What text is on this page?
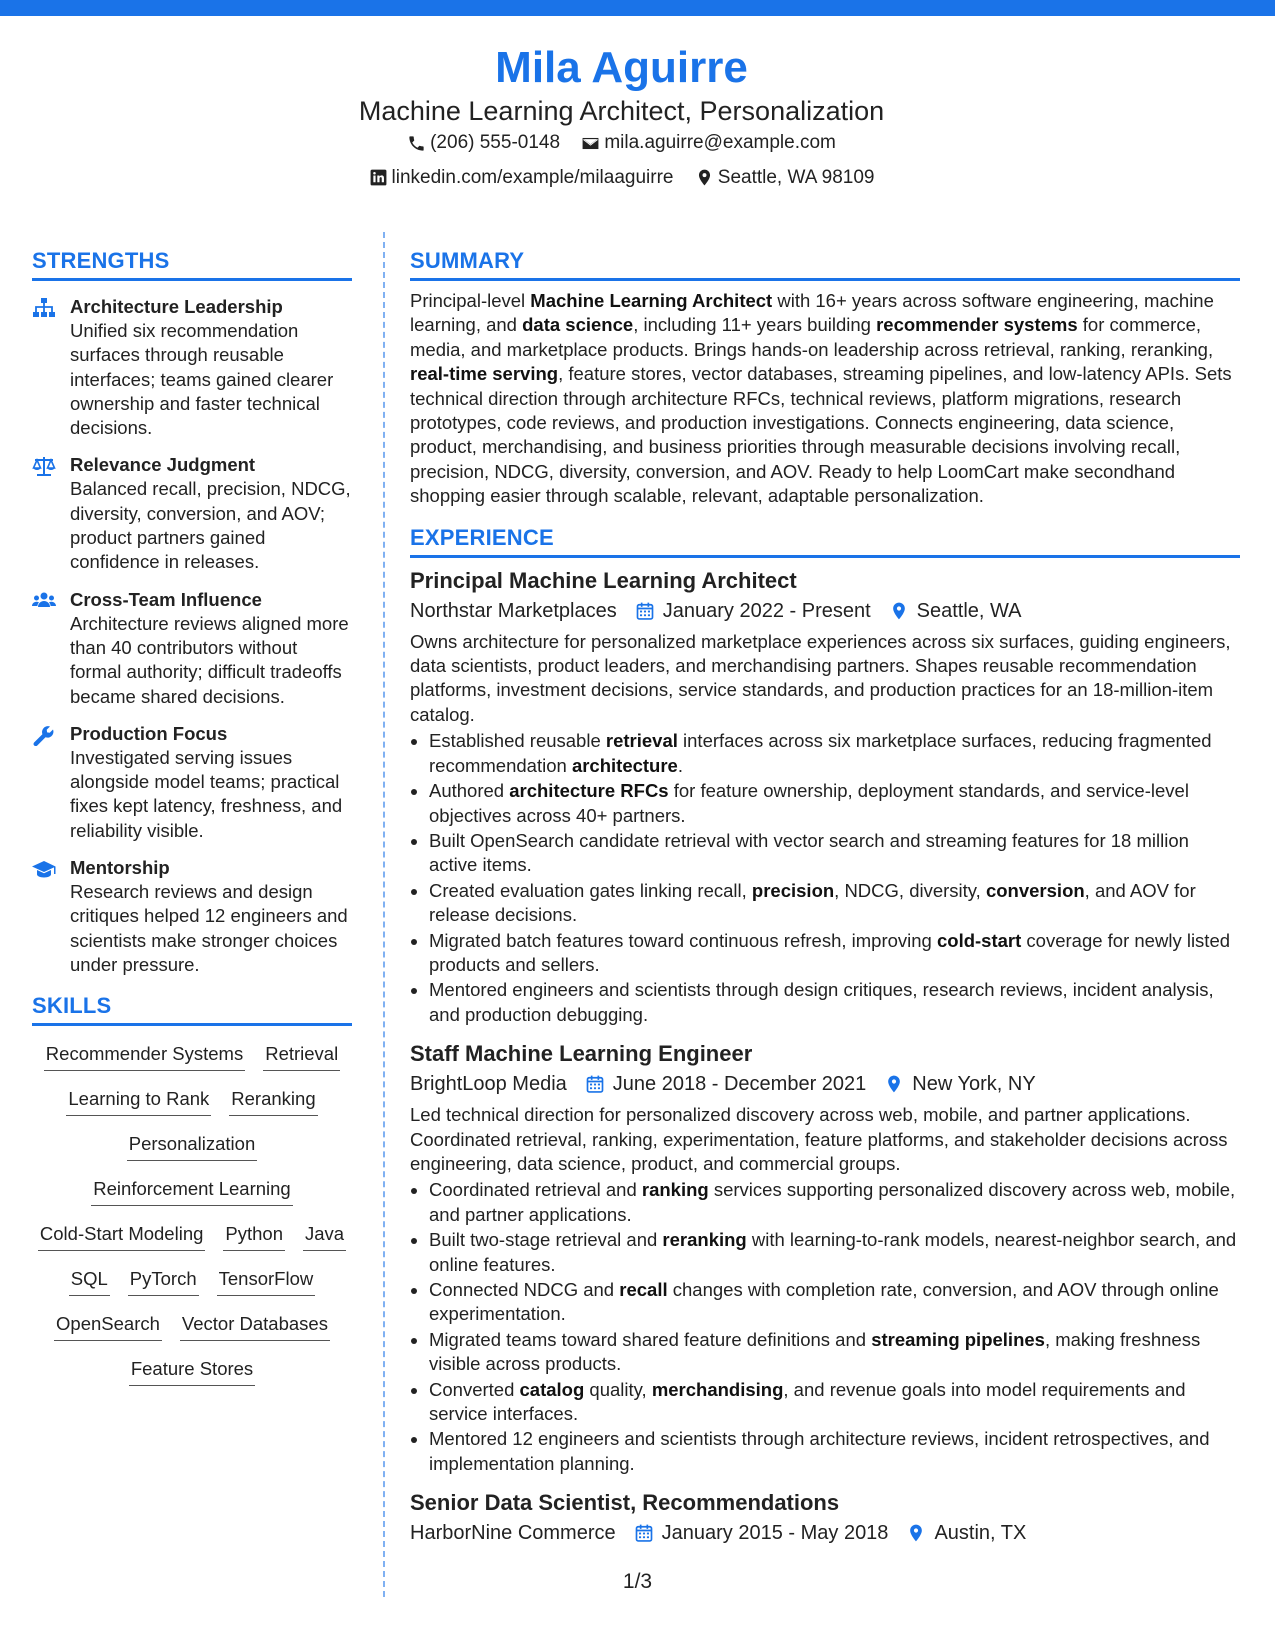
Mila Aguirre
Machine Learning Architect, Personalization
(206) 555-0148
mila.aguirre@example.com
linkedin.com/example/milaaguirre
Seattle, WA 98109
STRENGTHS
Architecture Leadership
Unified six recommendation surfaces through reusable interfaces; teams gained clearer ownership and faster technical decisions.
Relevance Judgment
Balanced recall, precision, NDCG, diversity, conversion, and AOV; product partners gained confidence in releases.
Cross-Team Influence
Architecture reviews aligned more than 40 contributors without formal authority; difficult tradeoffs became shared decisions.
Production Focus
Investigated serving issues alongside model teams; practical fixes kept latency, freshness, and reliability visible.
Mentorship
Research reviews and design critiques helped 12 engineers and scientists make stronger choices under pressure.
SKILLS
Recommender Systems Retrieval
Learning to Rank Reranking
Personalization
Reinforcement Learning
Cold-Start Modeling Python Java
SQL PyTorch TensorFlow
OpenSearch Vector Databases
Feature Stores
SUMMARY
Principal-level Machine Learning Architect with 16+ years across software engineering, machine learning, and data science, including 11+ years building recommender systems for commerce, media, and marketplace products. Brings hands-on leadership across retrieval, ranking, reranking, real-time serving, feature stores, vector databases, streaming pipelines, and low-latency APIs. Sets technical direction through architecture RFCs, technical reviews, platform migrations, research prototypes, code reviews, and production investigations. Connects engineering, data science, product, merchandising, and business priorities through measurable decisions involving recall, precision, NDCG, diversity, conversion, and AOV. Ready to help LoomCart make secondhand shopping easier through scalable, relevant, adaptable personalization.
EXPERIENCE
Principal Machine Learning Architect
Northstar Marketplaces January 2022 - Present Seattle, WA
Owns architecture for personalized marketplace experiences across six surfaces, guiding engineers, data scientists, product leaders, and merchandising partners. Shapes reusable recommendation platforms, investment decisions, service standards, and production practices for an 18-million-item catalog.
• Established reusable retrieval interfaces across six marketplace surfaces, reducing fragmented recommendation architecture.
• Authored architecture RFCs for feature ownership, deployment standards, and service-level objectives across 40+ partners.
• Built OpenSearch candidate retrieval with vector search and streaming features for 18 million active items.
• Created evaluation gates linking recall, precision, NDCG, diversity, conversion, and AOV for release decisions.
• Migrated batch features toward continuous refresh, improving cold-start coverage for newly listed products and sellers.
• Mentored engineers and scientists through design critiques, research reviews, incident analysis, and production debugging.
Staff Machine Learning Engineer
BrightLoop Media June 2018 - December 2021 New York, NY
Led technical direction for personalized discovery across web, mobile, and partner applications. Coordinated retrieval, ranking, experimentation, feature platforms, and stakeholder decisions across engineering, data science, product, and commercial groups.
• Coordinated retrieval and ranking services supporting personalized discovery across web, mobile, and partner applications.
• Built two-stage retrieval and reranking with learning-to-rank models, nearest-neighbor search, and online features.
• Connected NDCG and recall changes with completion rate, conversion, and AOV through online experimentation.
• Migrated teams toward shared feature definitions and streaming pipelines, making freshness visible across products.
• Converted catalog quality, merchandising, and revenue goals into model requirements and service interfaces.
• Mentored 12 engineers and scientists through architecture reviews, incident retrospectives, and implementation planning.
Senior Data Scientist, Recommendations
HarborNine Commerce January 2015 - May 2018 Austin, TX
1/3
